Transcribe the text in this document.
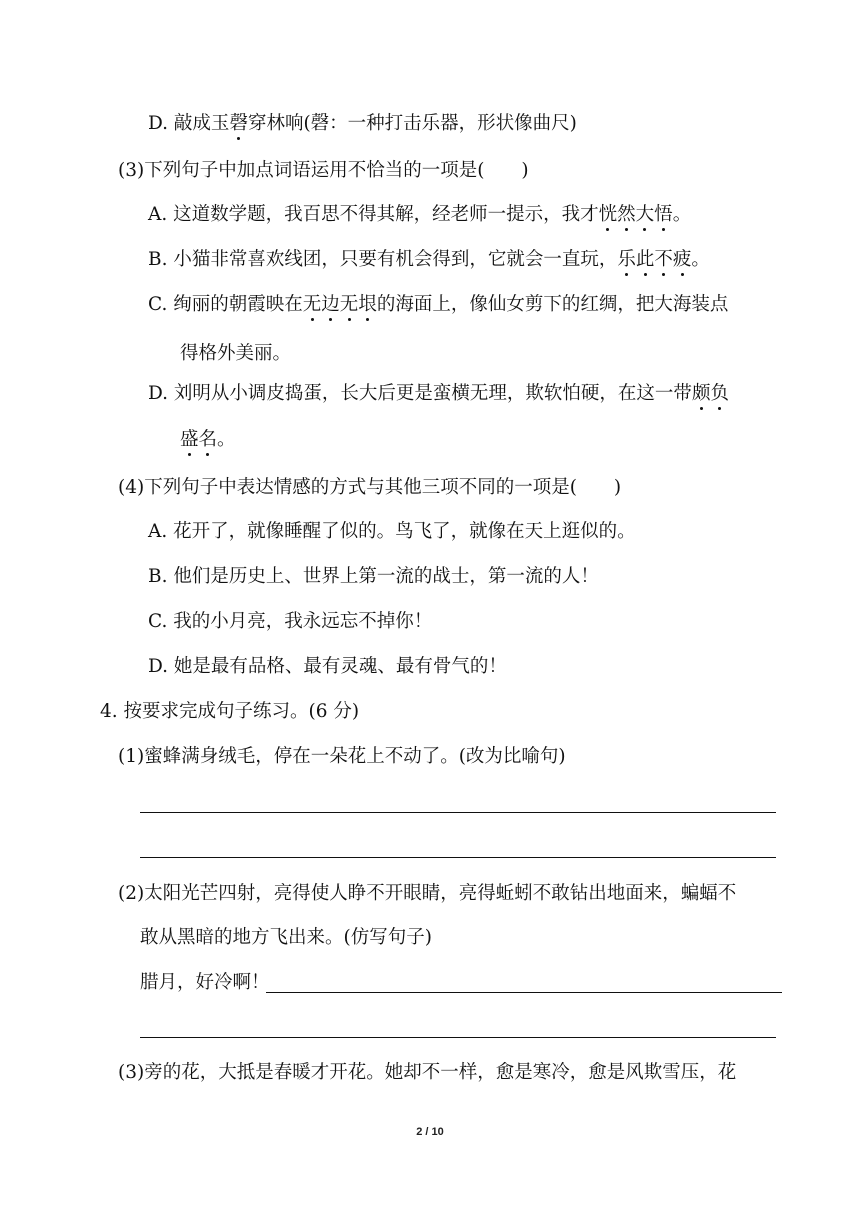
D. 敲成玉磬穿林响(磬：一种打击乐器，形状像曲尺)
(3)下列句子中加点词语运用不恰当的一项是(　　)
A. 这道数学题，我百思不得其解，经老师一提示，我才恍然大悟。
B. 小猫非常喜欢线团，只要有机会得到，它就会一直玩，乐此不疲。
C. 绚丽的朝霞映在无边无垠的海面上，像仙女剪下的红绸，把大海装点
得格外美丽。
D. 刘明从小调皮捣蛋，长大后更是蛮横无理，欺软怕硬，在这一带颇负
盛名。
(4)下列句子中表达情感的方式与其他三项不同的一项是(　　)
A. 花开了，就像睡醒了似的。鸟飞了，就像在天上逛似的。
B. 他们是历史上、世界上第一流的战士，第一流的人！
C. 我的小月亮，我永远忘不掉你！
D. 她是最有品格、最有灵魂、最有骨气的！
4. 按要求完成句子练习。(6 分)
(1)蜜蜂满身绒毛，停在一朵花上不动了。(改为比喻句)
(2)太阳光芒四射，亮得使人睁不开眼睛，亮得蚯蚓不敢钻出地面来，蝙蝠不
敢从黑暗的地方飞出来。(仿写句子)
腊月，好冷啊！
(3)旁的花，大抵是春暖才开花。她却不一样，愈是寒冷，愈是风欺雪压，花
2 / 10
